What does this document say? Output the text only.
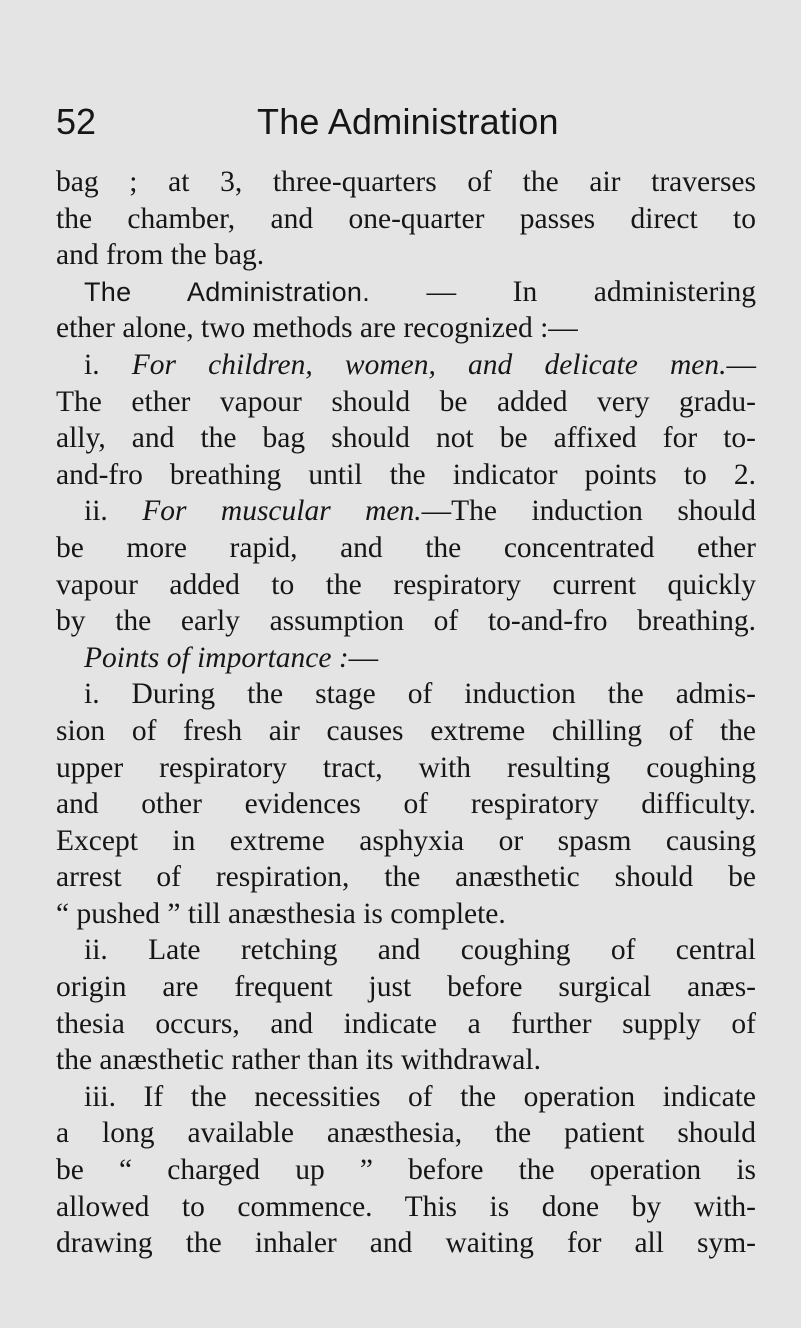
52	The Administration
bag ; at 3, three-quarters of the air traverses
the chamber, and one-quarter passes direct to
and from the bag.
The Administration. — In administering
ether alone, two methods are recognized :—
i. For children, women, and delicate men.—
The ether vapour should be added very gradu-
ally, and the bag should not be affixed for to-
and-fro breathing until the indicator points to 2.
ii. For muscular men.—The induction should
be more rapid, and the concentrated ether
vapour added to the respiratory current quickly
by the early assumption of to-and-fro breathing.
Points of importance :—
i. During the stage of induction the admis-
sion of fresh air causes extreme chilling of the
upper respiratory tract, with resulting coughing
and other evidences of respiratory difficulty.
Except in extreme asphyxia or spasm causing
arrest of respiration, the anæsthetic should be
“ pushed ” till anæsthesia is complete.
ii. Late retching and coughing of central
origin are frequent just before surgical anæs-
thesia occurs, and indicate a further supply of
the anæsthetic rather than its withdrawal.
iii. If the necessities of the operation indicate
a long available anæsthesia, the patient should
be “ charged up ” before the operation is
allowed to commence. This is done by with-
drawing the inhaler and waiting for all sym-
